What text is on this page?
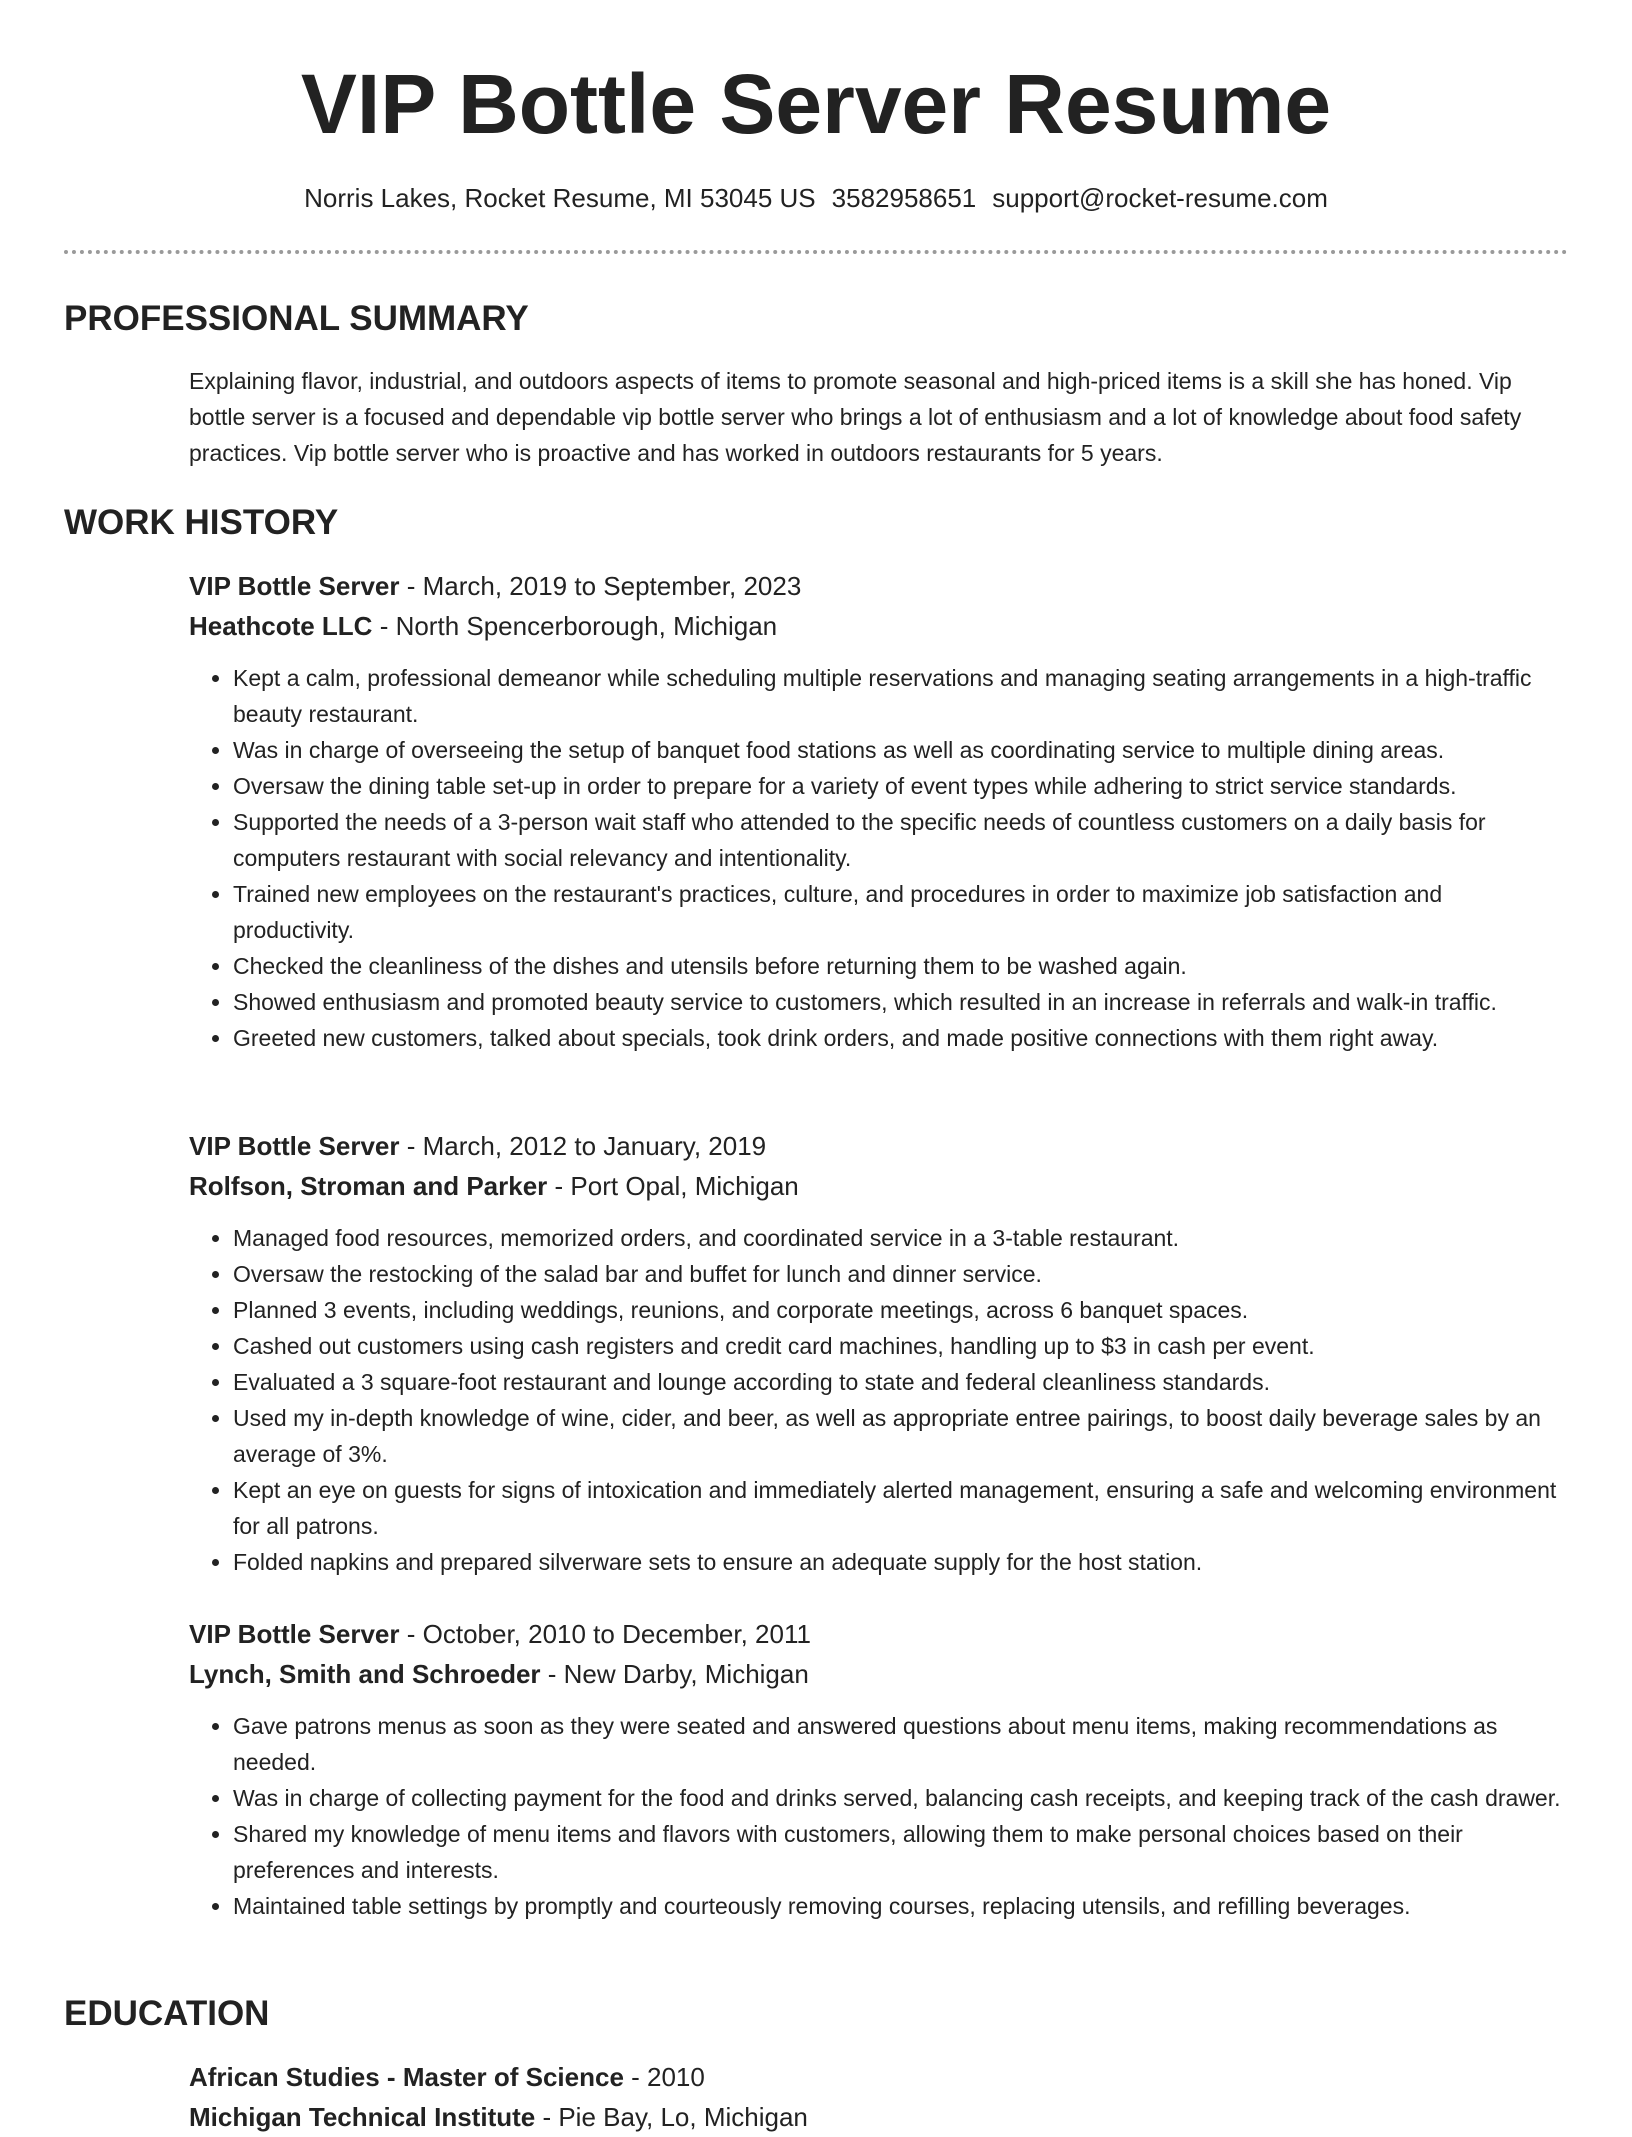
VIP Bottle Server Resume
Norris Lakes, Rocket Resume, MI 53045 US 3582958651 support@rocket-resume.com
PROFESSIONAL SUMMARY

Explaining flavor, industrial, and outdoors aspects of items to promote seasonal and high-priced items is a skill she has honed. Vip bottle server is a focused and dependable vip bottle server who brings a lot of enthusiasm and a lot of knowledge about food safety practices. Vip bottle server who is proactive and has worked in outdoors restaurants for 5 years.

WORK HISTORY

VIP Bottle Server - March, 2019 to September, 2023

Heathcote LLC - North Spencerborough, Michigan

• Kept a calm, professional demeanor while scheduling multiple reservations and managing seating arrangements in a high-traffic beauty restaurant.
• Was in charge of overseeing the setup of banquet food stations as well as coordinating service to multiple dining areas.
• Oversaw the dining table set-up in order to prepare for a variety of event types while adhering to strict service standards.
• Supported the needs of a 3-person wait staff who attended to the specific needs of countless customers on a daily basis for computers restaurant with social relevancy and intentionality.
• Trained new employees on the restaurant's practices, culture, and procedures in order to maximize job satisfaction and productivity.
• Checked the cleanliness of the dishes and utensils before returning them to be washed again.
• Showed enthusiasm and promoted beauty service to customers, which resulted in an increase in referrals and walk-in traffic.
• Greeted new customers, talked about specials, took drink orders, and made positive connections with them right away.

VIP Bottle Server - March, 2012 to January, 2019

Rolfson, Stroman and Parker - Port Opal, Michigan

• Managed food resources, memorized orders, and coordinated service in a 3-table restaurant.
• Oversaw the restocking of the salad bar and buffet for lunch and dinner service.
• Planned 3 events, including weddings, reunions, and corporate meetings, across 6 banquet spaces.
• Cashed out customers using cash registers and credit card machines, handling up to $3 in cash per event.
• Evaluated a 3 square-foot restaurant and lounge according to state and federal cleanliness standards.
• Used my in-depth knowledge of wine, cider, and beer, as well as appropriate entree pairings, to boost daily beverage sales by an average of 3%.
• Kept an eye on guests for signs of intoxication and immediately alerted management, ensuring a safe and welcoming environment for all patrons.
• Folded napkins and prepared silverware sets to ensure an adequate supply for the host station.

VIP Bottle Server - October, 2010 to December, 2011

Lynch, Smith and Schroeder - New Darby, Michigan

• Gave patrons menus as soon as they were seated and answered questions about menu items, making recommendations as needed.
• Was in charge of collecting payment for the food and drinks served, balancing cash receipts, and keeping track of the cash drawer.
• Shared my knowledge of menu items and flavors with customers, allowing them to make personal choices based on their preferences and interests.
• Maintained table settings by promptly and courteously removing courses, replacing utensils, and refilling beverages.
EDUCATION

African Studies - Master of Science - 2010

Michigan Technical Institute - Pie Bay, Lo, Michigan
